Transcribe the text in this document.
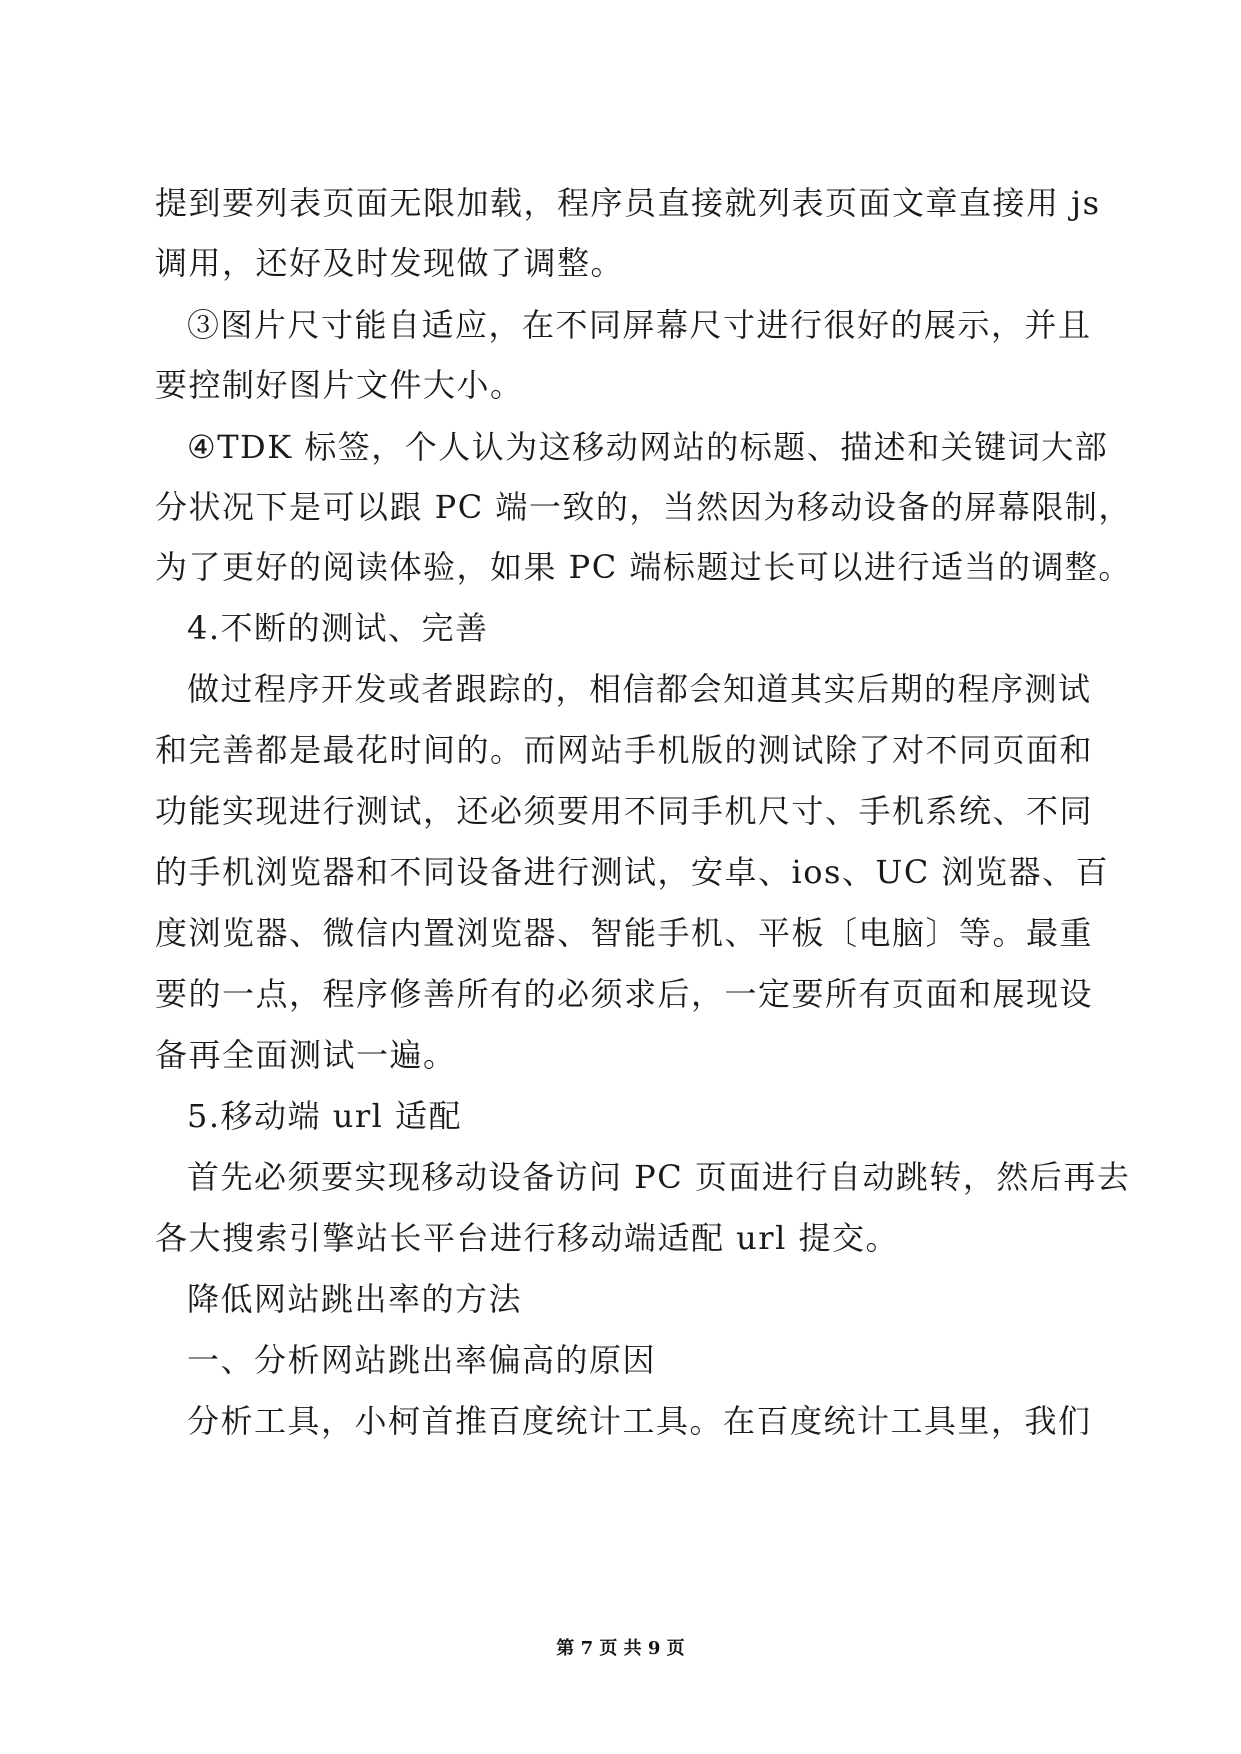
提到要列表页面无限加载，程序员直接就列表页面文章直接用 js
调用，还好及时发现做了调整。
③图片尺寸能自适应，在不同屏幕尺寸进行很好的展示，并且
要控制好图片文件大小。
④TDK 标签，个人认为这移动网站的标题、描述和关键词大部
分状况下是可以跟 PC 端一致的，当然因为移动设备的屏幕限制，
为了更好的阅读体验，如果 PC 端标题过长可以进行适当的调整。
4.不断的测试、完善
做过程序开发或者跟踪的，相信都会知道其实后期的程序测试
和完善都是最花时间的。而网站手机版的测试除了对不同页面和
功能实现进行测试，还必须要用不同手机尺寸、手机系统、不同
的手机浏览器和不同设备进行测试，安卓、ios、UC 浏览器、百
度浏览器、微信内置浏览器、智能手机、平板〔电脑〕等。最重
要的一点，程序修善所有的必须求后，一定要所有页面和展现设
备再全面测试一遍。
5.移动端 url 适配
首先必须要实现移动设备访问 PC 页面进行自动跳转，然后再去
各大搜索引擎站长平台进行移动端适配 url 提交。
降低网站跳出率的方法
一、分析网站跳出率偏高的原因
分析工具，小柯首推百度统计工具。在百度统计工具里，我们
第 7 页 共 9 页
